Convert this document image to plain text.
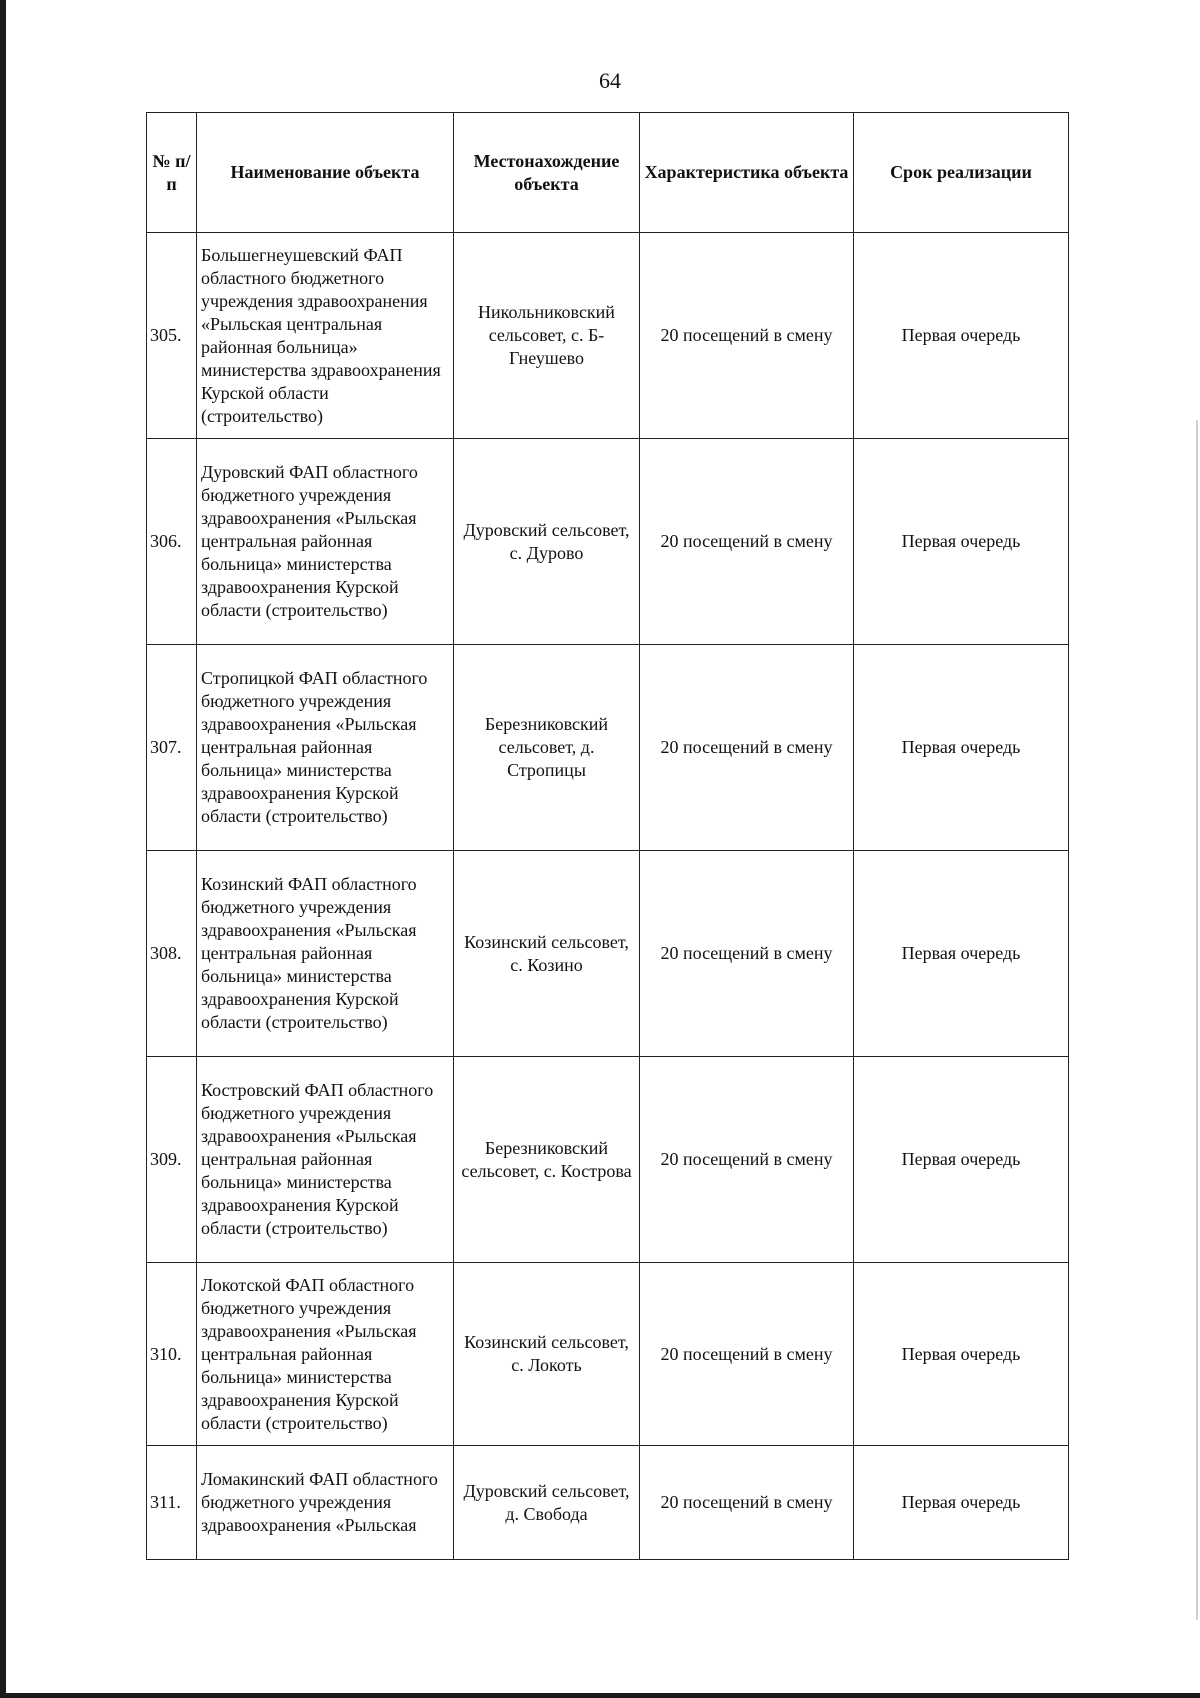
64
№ п/п	Наименование объекта	Местонахождение объекта	Характеристика объекта	Срок реализации
305.	Большегнеушевский ФАП областного бюджетного учреждения здравоохранения «Рыльская центральная районная больница» министерства здравоохранения Курской области (строительство)	Никольниковский сельсовет, с. Б-Гнеушево	20 посещений в смену	Первая очередь
306.	Дуровский ФАП областного бюджетного учреждения здравоохранения «Рыльская центральная районная больница» министерства здравоохранения Курской области (строительство)	Дуровский сельсовет, с. Дурово	20 посещений в смену	Первая очередь
307.	Стропицкой ФАП областного бюджетного учреждения здравоохранения «Рыльская центральная районная больница» министерства здравоохранения Курской области (строительство)	Березниковский сельсовет, д. Стропицы	20 посещений в смену	Первая очередь
308.	Козинский ФАП областного бюджетного учреждения здравоохранения «Рыльская центральная районная больница» министерства здравоохранения Курской области (строительство)	Козинский сельсовет, с. Козино	20 посещений в смену	Первая очередь
309.	Костровский ФАП областного бюджетного учреждения здравоохранения «Рыльская центральная районная больница» министерства здравоохранения Курской области (строительство)	Березниковский сельсовет, с. Кострова	20 посещений в смену	Первая очередь
310.	Локотской ФАП областного бюджетного учреждения здравоохранения «Рыльская центральная районная больница» министерства здравоохранения Курской области (строительство)	Козинский сельсовет, с. Локоть	20 посещений в смену	Первая очередь
311.	Ломакинский ФАП областного бюджетного учреждения здравоохранения «Рыльская	Дуровский сельсовет, д. Свобода	20 посещений в смену	Первая очередь
